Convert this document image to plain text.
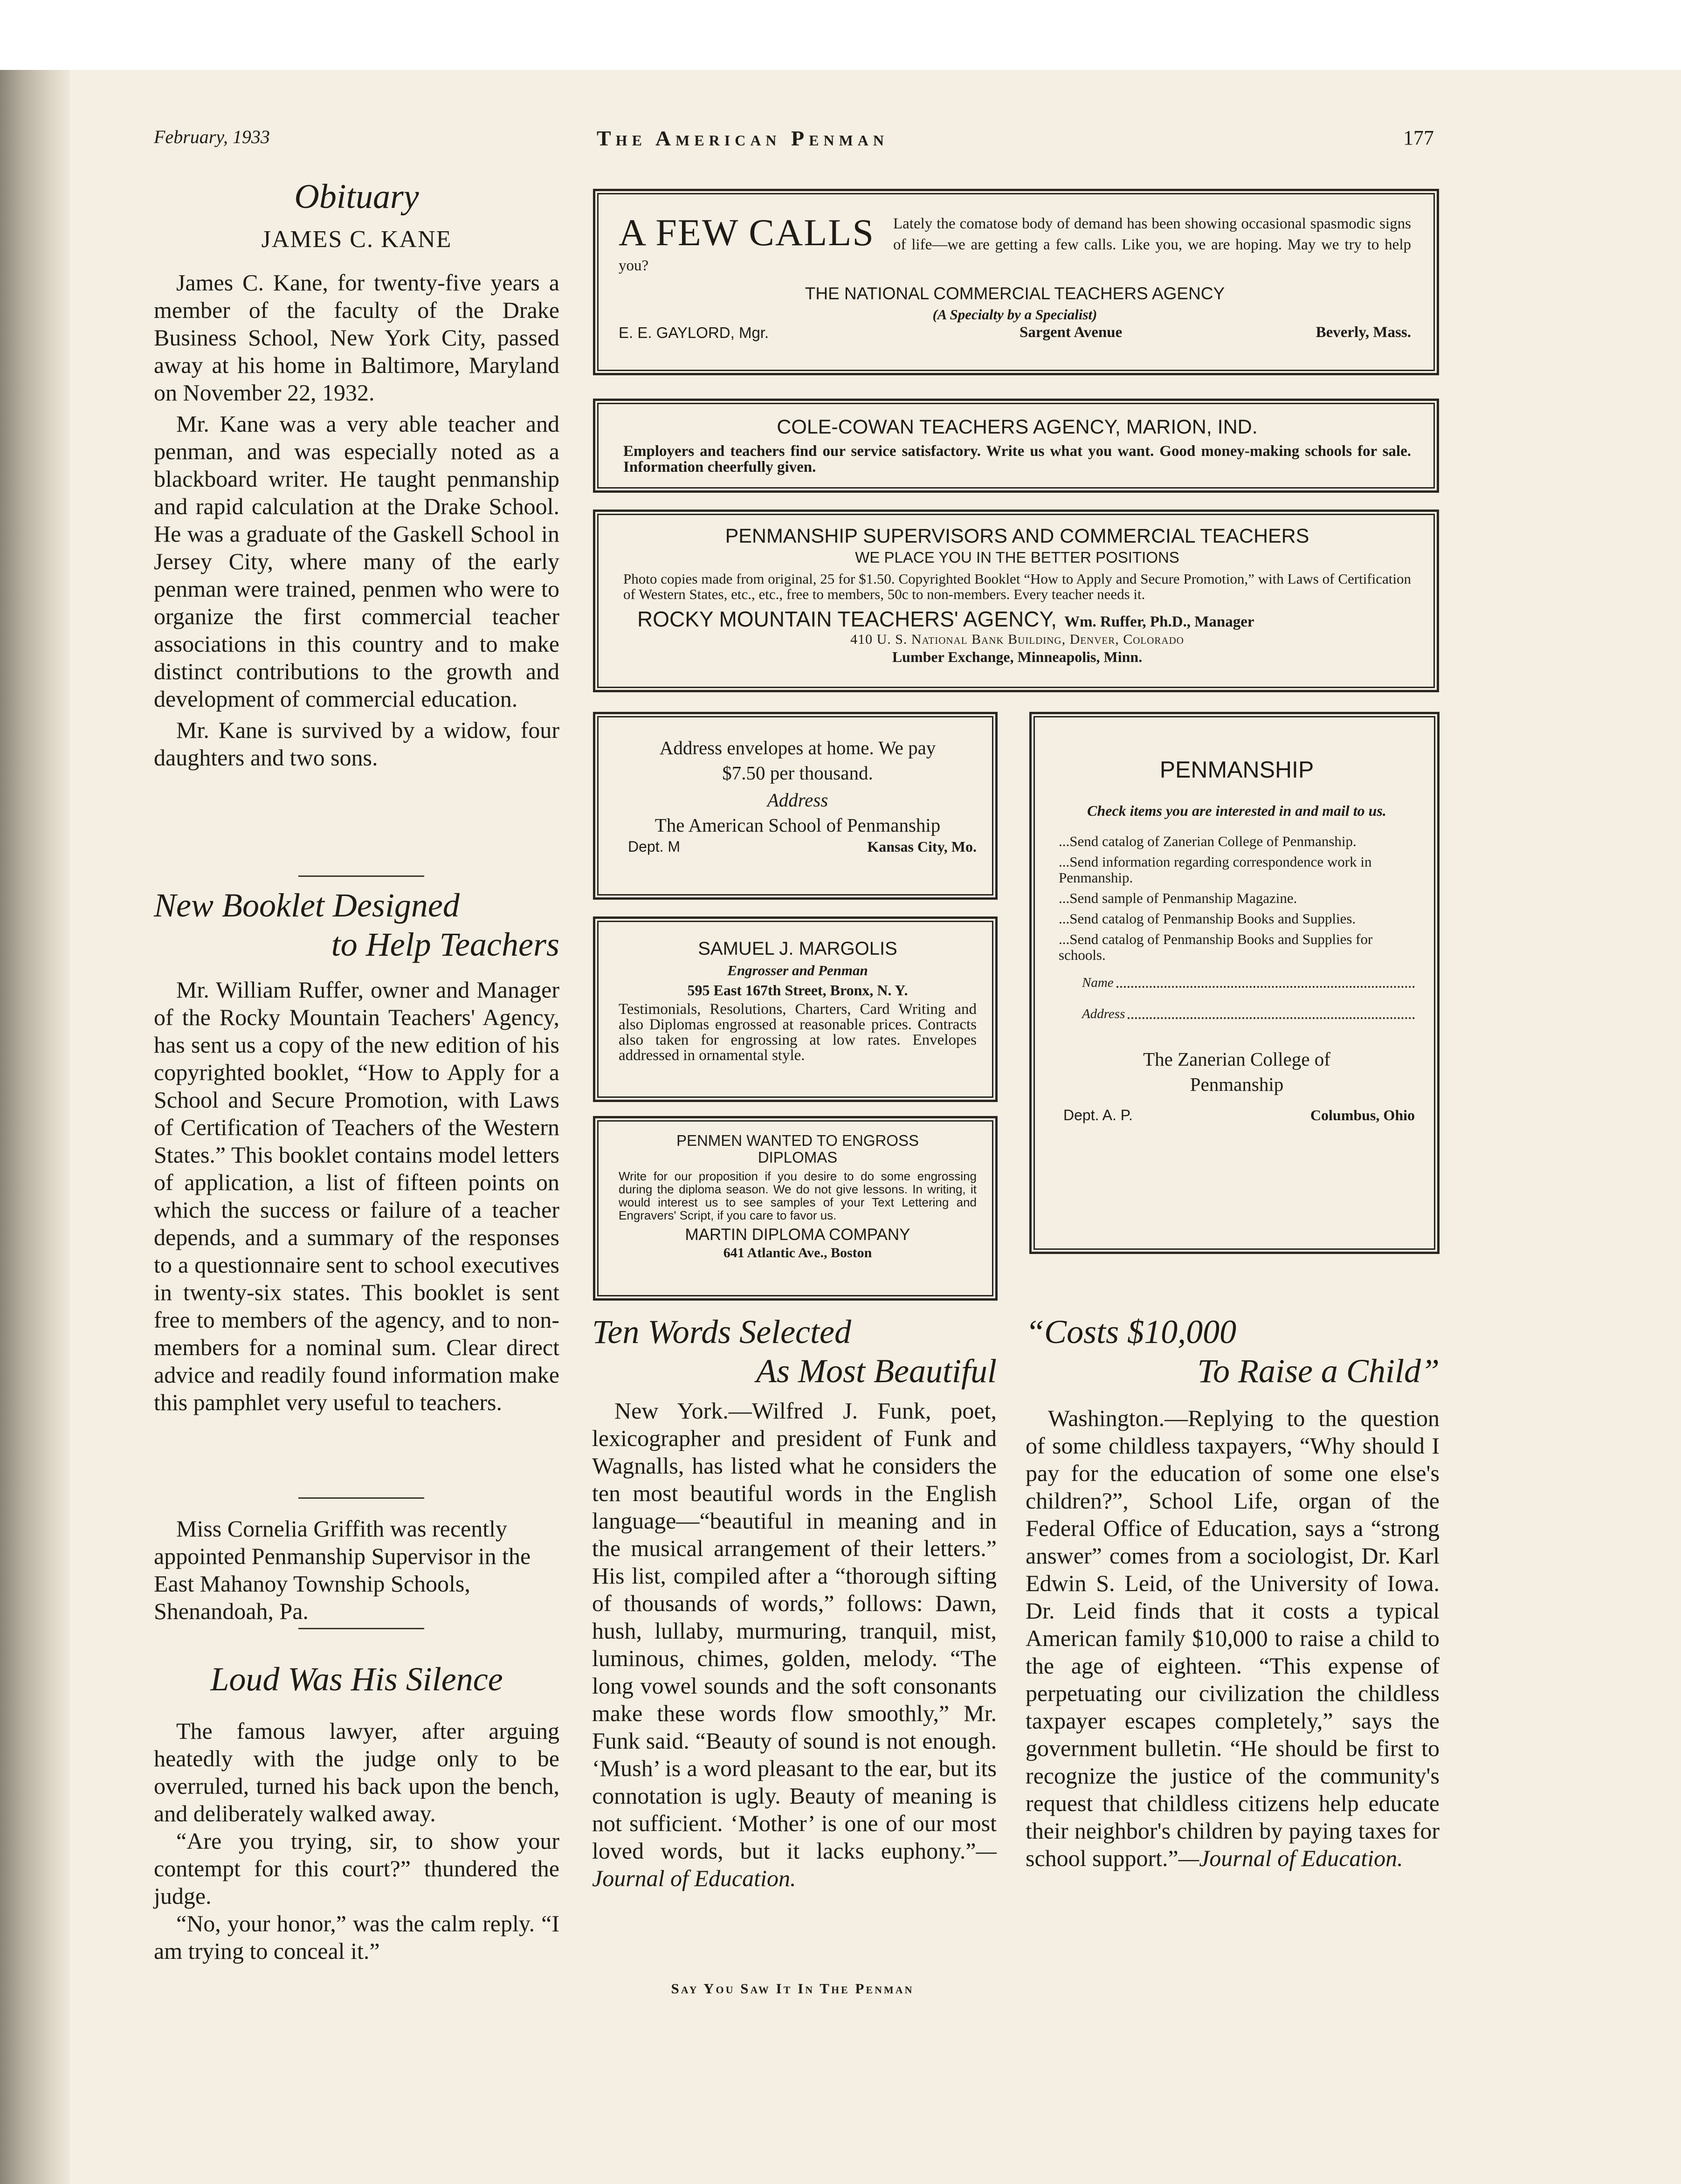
February, 1933	The American Penman	177
Obituary
JAMES C. KANE

James C. Kane, for twenty-five years a member of the faculty of the Drake Business School, New York City, passed away at his home in Baltimore, Maryland on November 22, 1932.

Mr. Kane was a very able teacher and penman, and was especially noted as a blackboard writer. He taught penmanship and rapid calculation at the Drake School. He was a graduate of the Gaskell School in Jersey City, where many of the early penman were trained, penmen who were to organize the first commercial teacher associations in this country and to make distinct contributions to the growth and development of commercial education.

Mr. Kane is survived by a widow, four daughters and two sons.

New Booklet Designed
to Help Teachers

Mr. William Ruffer, owner and Manager of the Rocky Mountain Teachers' Agency, has sent us a copy of the new edition of his copyrighted booklet, “How to Apply for a School and Secure Promotion, with Laws of Certification of Teachers of the Western States.” This booklet contains model letters of application, a list of fifteen points on which the success or failure of a teacher depends, and a summary of the responses to a questionnaire sent to school executives in twenty-six states. This booklet is sent free to members of the agency, and to non-members for a nominal sum. Clear direct advice and readily found information make this pamphlet very useful to teachers.

Miss Cornelia Griffith was recently appointed Penmanship Supervisor in the East Mahanoy Township Schools, Shenandoah, Pa.

Loud Was His Silence

The famous lawyer, after arguing heatedly with the judge only to be overruled, turned his back upon the bench, and deliberately walked away.

“Are you trying, sir, to show your contempt for this court?” thundered the judge.

“No, your honor,” was the calm reply. “I am trying to conceal it.”

A FEW CALLS	Lately the comatose body of demand has been showing occasional spasmodic signs of life—we are getting a few calls. Like you, we are hoping. May we try to help you?
THE NATIONAL COMMERCIAL TEACHERS AGENCY
(A Specialty by a Specialist)
E. E. GAYLORD, Mgr.	Sargent Avenue	Beverly, Mass.
COLE-COWAN TEACHERS AGENCY, MARION, IND.
Employers and teachers find our service satisfactory. Write us what you want. Good money-making schools for sale. Information cheerfully given.
PENMANSHIP SUPERVISORS AND COMMERCIAL TEACHERS
WE PLACE YOU IN THE BETTER POSITIONS
Photo copies made from original, 25 for $1.50. Copyrighted Booklet “How to Apply and Secure Promotion,” with Laws of Certification of Western States, etc., etc., free to members, 50c to non-members. Every teacher needs it.
ROCKY MOUNTAIN TEACHERS' AGENCY, Wm. Ruffer, Ph.D., Manager
410 U. S. National Bank Building, Denver, Colorado
Lumber Exchange, Minneapolis, Minn.
Address envelopes at home. We pay
$7.50 per thousand.
Address
The American School of Penmanship
Dept. M	Kansas City, Mo.
SAMUEL J. MARGOLIS
Engrosser and Penman
595 East 167th Street, Bronx, N. Y.
Testimonials, Resolutions, Charters, Card Writing and also Diplomas engrossed at reasonable prices. Contracts also taken for engrossing at low rates. Envelopes addressed in ornamental style.
PENMEN WANTED TO ENGROSS
DIPLOMAS
Write for our proposition if you desire to do some engrossing during the diploma season. We do not give lessons. In writing, it would interest us to see samples of your Text Lettering and Engravers' Script, if you care to favor us.
MARTIN DIPLOMA COMPANY
641 Atlantic Ave., Boston
PENMANSHIP
Check items you are interested in and mail to us.

...Send catalog of Zanerian College of Penmanship.

...Send information regarding correspondence work in Penmanship.

...Send sample of Penmanship Magazine.

...Send catalog of Penmanship Books and Supplies.

...Send catalog of Penmanship Books and Supplies for schools.

Name
Address
The Zanerian College of
Penmanship
Dept. A. P.	Columbus, Ohio
Ten Words Selected
As Most Beautiful

New York.—Wilfred J. Funk, poet, lexicographer and president of Funk and Wagnalls, has listed what he considers the ten most beautiful words in the English language—“beautiful in meaning and in the musical arrangement of their letters.” His list, compiled after a “thorough sifting of thousands of words,” follows: Dawn, hush, lullaby, murmuring, tranquil, mist, luminous, chimes, golden, melody. “The long vowel sounds and the soft consonants make these words flow smoothly,” Mr. Funk said. “Beauty of sound is not enough. ‘Mush’ is a word pleasant to the ear, but its connotation is ugly. Beauty of meaning is not sufficient. ‘Mother’ is one of our most loved words, but it lacks euphony.”—Journal of Education.

“Costs $10,000
To Raise a Child”

Washington.—Replying to the question of some childless taxpayers, “Why should I pay for the education of some one else's children?”, School Life, organ of the Federal Office of Education, says a “strong answer” comes from a sociologist, Dr. Karl Edwin S. Leid, of the University of Iowa. Dr. Leid finds that it costs a typical American family $10,000 to raise a child to the age of eighteen. “This expense of perpetuating our civilization the childless taxpayer escapes completely,” says the government bulletin. “He should be first to recognize the justice of the community's request that childless citizens help educate their neighbor's children by paying taxes for school support.”—Journal of Education.

Say You Saw It In The Penman
